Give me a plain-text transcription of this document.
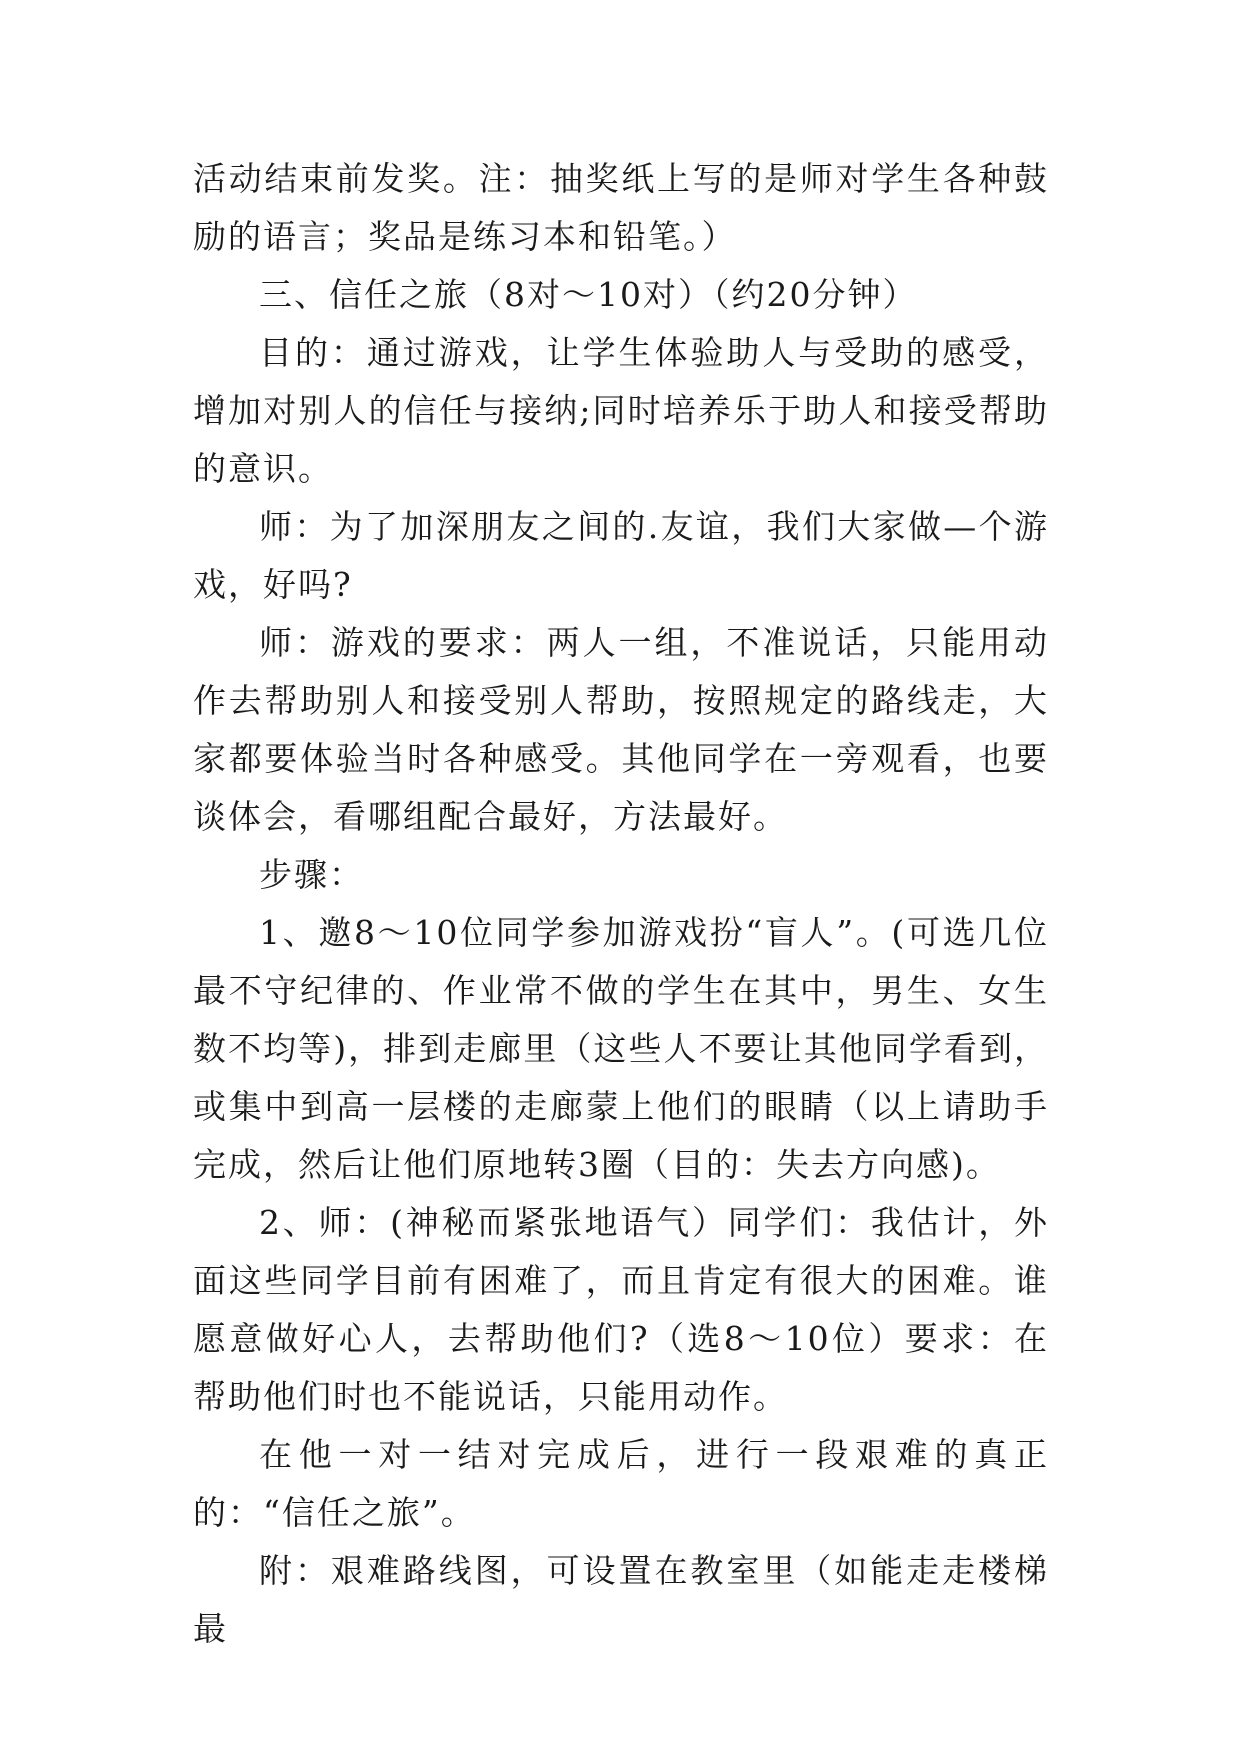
活动结束前发奖。注：抽奖纸上写的是师对学生各种鼓励的语言；奖品是练习本和铅笔。）

三、信任之旅（8对～10对）（约20分钟）

目的：通过游戏，让学生体验助人与受助的感受，增加对别人的信任与接纳;同时培养乐于助人和接受帮助的意识。

师：为了加深朋友之间的.友谊，我们大家做—个游戏，好吗?

师：游戏的要求：两人一组，不准说话，只能用动作去帮助别人和接受别人帮助，按照规定的路线走，大家都要体验当时各种感受。其他同学在一旁观看，也要谈体会，看哪组配合最好，方法最好。

步骤：

1、邀8～10位同学参加游戏扮“盲人”。(可选几位最不守纪律的、作业常不做的学生在其中，男生、女生数不均等)，排到走廊里（这些人不要让其他同学看到，或集中到高一层楼的走廊蒙上他们的眼睛（以上请助手完成，然后让他们原地转3圈（目的：失去方向感)。

2、师：(神秘而紧张地语气）同学们：我估计，外面这些同学目前有困难了，而且肯定有很大的困难。谁愿意做好心人，去帮助他们?（选8～10位）要求：在帮助他们时也不能说话，只能用动作。

在他一对一结对完成后，进行一段艰难的真正的：“信任之旅”。

附：艰难路线图，可设置在教室里（如能走走楼梯最
